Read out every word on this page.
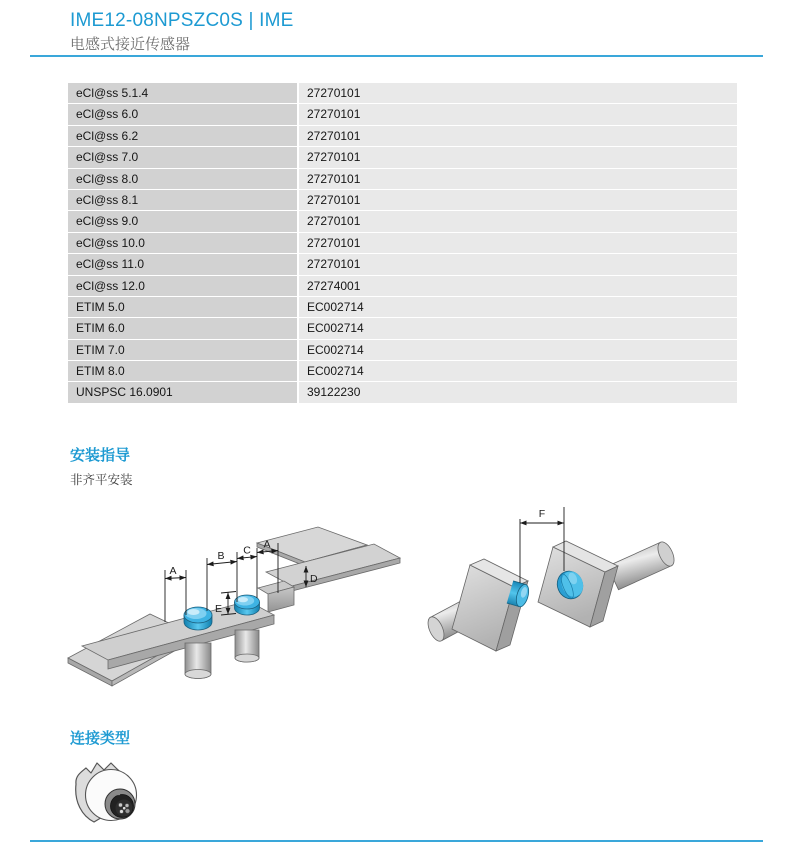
IME12-08NPSZC0S | IME
电感式接近传感器
eCl@ss 5.1.4	27270101
eCl@ss 6.0	27270101
eCl@ss 6.2	27270101
eCl@ss 7.0	27270101
eCl@ss 8.0	27270101
eCl@ss 8.1	27270101
eCl@ss 9.0	27270101
eCl@ss 10.0	27270101
eCl@ss 11.0	27270101
eCl@ss 12.0	27274001
ETIM 5.0	EC002714
ETIM 6.0	EC002714
ETIM 7.0	EC002714
ETIM 8.0	EC002714
UNSPSC 16.0901	39122230
安装指导
非齐平安装
A
B C A
D
E
F
连接类型
